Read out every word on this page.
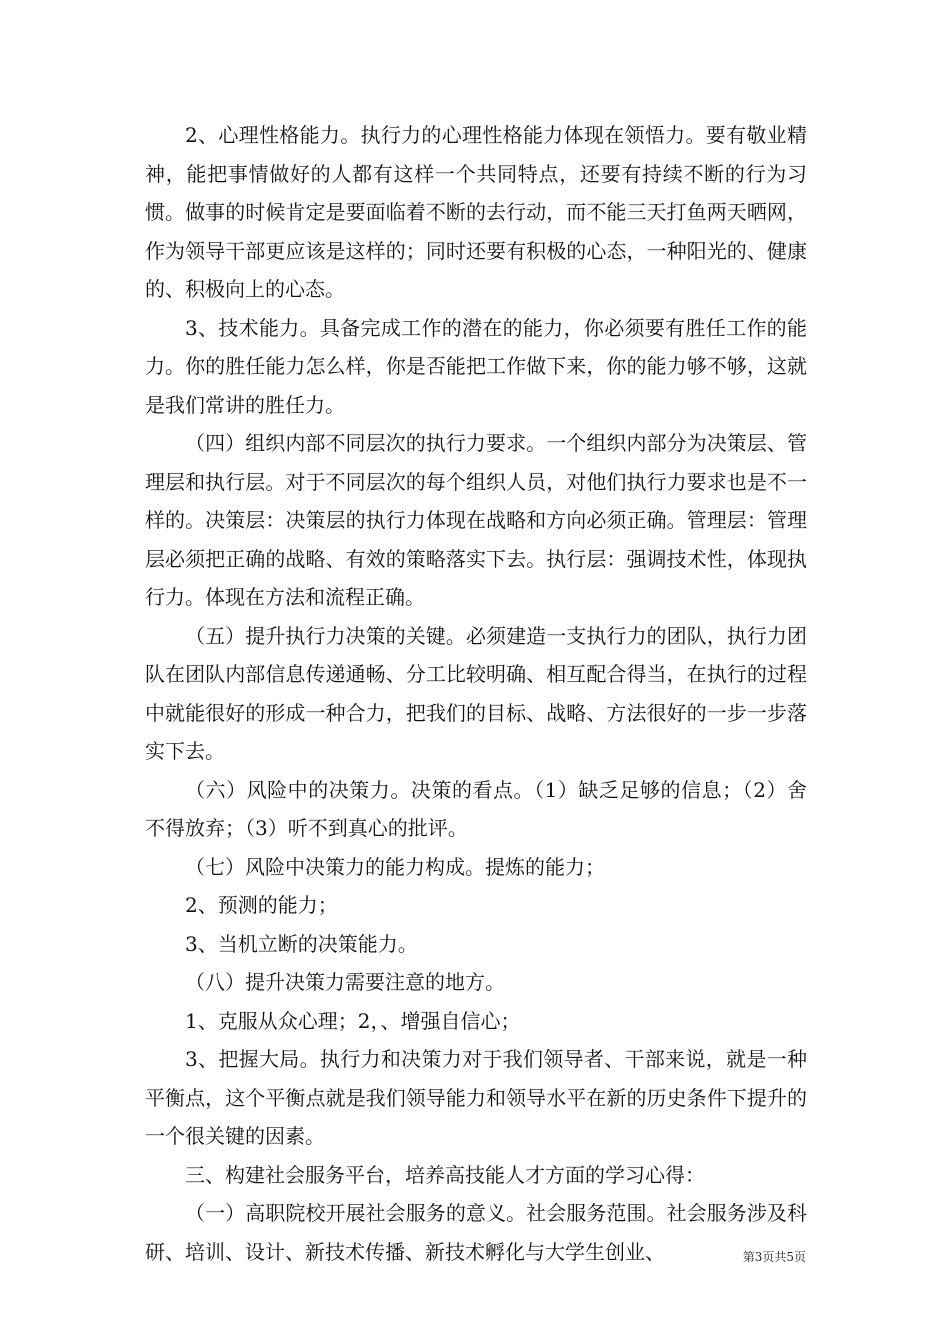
2、心理性格能力。执行力的心理性格能力体现在领悟力。要有敬业精神，能把事情做好的人都有这样一个共同特点，还要有持续不断的行为习惯。做事的时候肯定是要面临着不断的去行动，而不能三天打鱼两天晒网，作为领导干部更应该是这样的；同时还要有积极的心态，一种阳光的、健康的、积极向上的心态。

3、技术能力。具备完成工作的潜在的能力，你必须要有胜任工作的能力。你的胜任能力怎么样，你是否能把工作做下来，你的能力够不够，这就是我们常讲的胜任力。

（四）组织内部不同层次的执行力要求。一个组织内部分为决策层、管理层和执行层。对于不同层次的每个组织人员，对他们执行力要求也是不一样的。决策层：决策层的执行力体现在战略和方向必须正确。管理层：管理层必须把正确的战略、有效的策略落实下去。执行层：强调技术性，体现执行力。体现在方法和流程正确。

（五）提升执行力决策的关键。必须建造一支执行力的团队，执行力团队在团队内部信息传递通畅、分工比较明确、相互配合得当，在执行的过程中就能很好的形成一种合力，把我们的目标、战略、方法很好的一步一步落实下去。

（六）风险中的决策力。决策的看点。（1）缺乏足够的信息；（2）舍不得放弃；（3）听不到真心的批评。

（七）风险中决策力的能力构成。提炼的能力；

2、预测的能力；

3、当机立断的决策能力。

（八）提升决策力需要注意的地方。

1、克服从众心理；2，、增强自信心；

3、把握大局。执行力和决策力对于我们领导者、干部来说，就是一种平衡点，这个平衡点就是我们领导能力和领导水平在新的历史条件下提升的一个很关键的因素。

三、构建社会服务平台，培养高技能人才方面的学习心得：

（一）高职院校开展社会服务的意义。社会服务范围。社会服务涉及科研、培训、设计、新技术传播、新技术孵化与大学生创业、	第3页共5页
